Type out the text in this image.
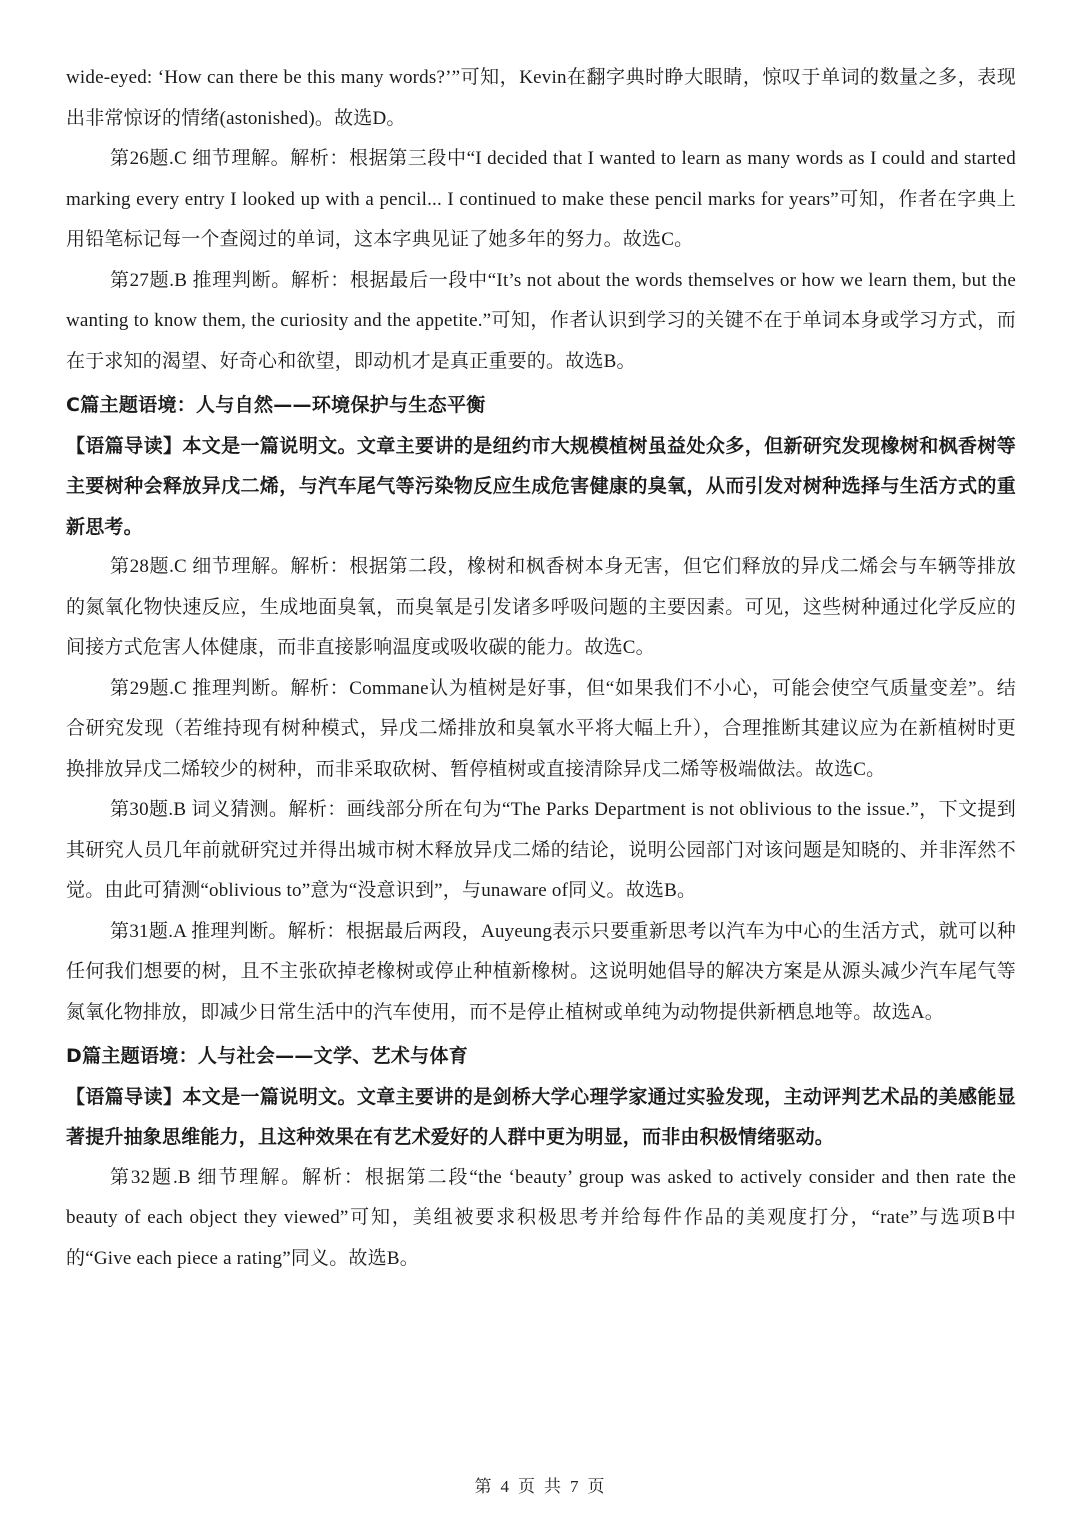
wide-eyed: ‘How can there be this many words?’”可知，Kevin在翻字典时睁大眼睛，惊叹于单词的数量之多，表现出非常惊讶的情绪(astonished)。故选D。

第26题.C 细节理解。解析：根据第三段中“I decided that I wanted to learn as many words as I could and started marking every entry I looked up with a pencil... I continued to make these pencil marks for years”可知，作者在字典上用铅笔标记每一个查阅过的单词，这本字典见证了她多年的努力。故选C。

第27题.B 推理判断。解析：根据最后一段中“It’s not about the words themselves or how we learn them, but the wanting to know them, the curiosity and the appetite.”可知，作者认识到学习的关键不在于单词本身或学习方式，而在于求知的渴望、好奇心和欲望，即动机才是真正重要的。故选B。

C篇主题语境：人与自然——环境保护与生态平衡

【语篇导读】本文是一篇说明文。文章主要讲的是纽约市大规模植树虽益处众多，但新研究发现橡树和枫香树等主要树种会释放异戊二烯，与汽车尾气等污染物反应生成危害健康的臭氧，从而引发对树种选择与生活方式的重新思考。

第28题.C 细节理解。解析：根据第二段，橡树和枫香树本身无害，但它们释放的异戊二烯会与车辆等排放的氮氧化物快速反应，生成地面臭氧，而臭氧是引发诸多呼吸问题的主要因素。可见，这些树种通过化学反应的间接方式危害人体健康，而非直接影响温度或吸收碳的能力。故选C。

第29题.C 推理判断。解析：Commane认为植树是好事，但“如果我们不小心，可能会使空气质量变差”。结合研究发现（若维持现有树种模式，异戊二烯排放和臭氧水平将大幅上升），合理推断其建议应为在新植树时更换排放异戊二烯较少的树种，而非采取砍树、暂停植树或直接清除异戊二烯等极端做法。故选C。

第30题.B 词义猜测。解析：画线部分所在句为“The Parks Department is not oblivious to the issue.”，下文提到其研究人员几年前就研究过并得出城市树木释放异戊二烯的结论，说明公园部门对该问题是知晓的、并非浑然不觉。由此可猜测“oblivious to”意为“没意识到”，与unaware of同义。故选B。

第31题.A 推理判断。解析：根据最后两段，Auyeung表示只要重新思考以汽车为中心的生活方式，就可以种任何我们想要的树，且不主张砍掉老橡树或停止种植新橡树。这说明她倡导的解决方案是从源头减少汽车尾气等氮氧化物排放，即减少日常生活中的汽车使用，而不是停止植树或单纯为动物提供新栖息地等。故选A。

D篇主题语境：人与社会——文学、艺术与体育

【语篇导读】本文是一篇说明文。文章主要讲的是剑桥大学心理学家通过实验发现，主动评判艺术品的美感能显著提升抽象思维能力，且这种效果在有艺术爱好的人群中更为明显，而非由积极情绪驱动。

第32题.B 细节理解。解析：根据第二段“the ‘beauty’ group was asked to actively consider and then rate the beauty of each object they viewed”可知，美组被要求积极思考并给每件作品的美观度打分，“rate”与选项B中的“Give each piece a rating”同义。故选B。

第 4 页 共 7 页
